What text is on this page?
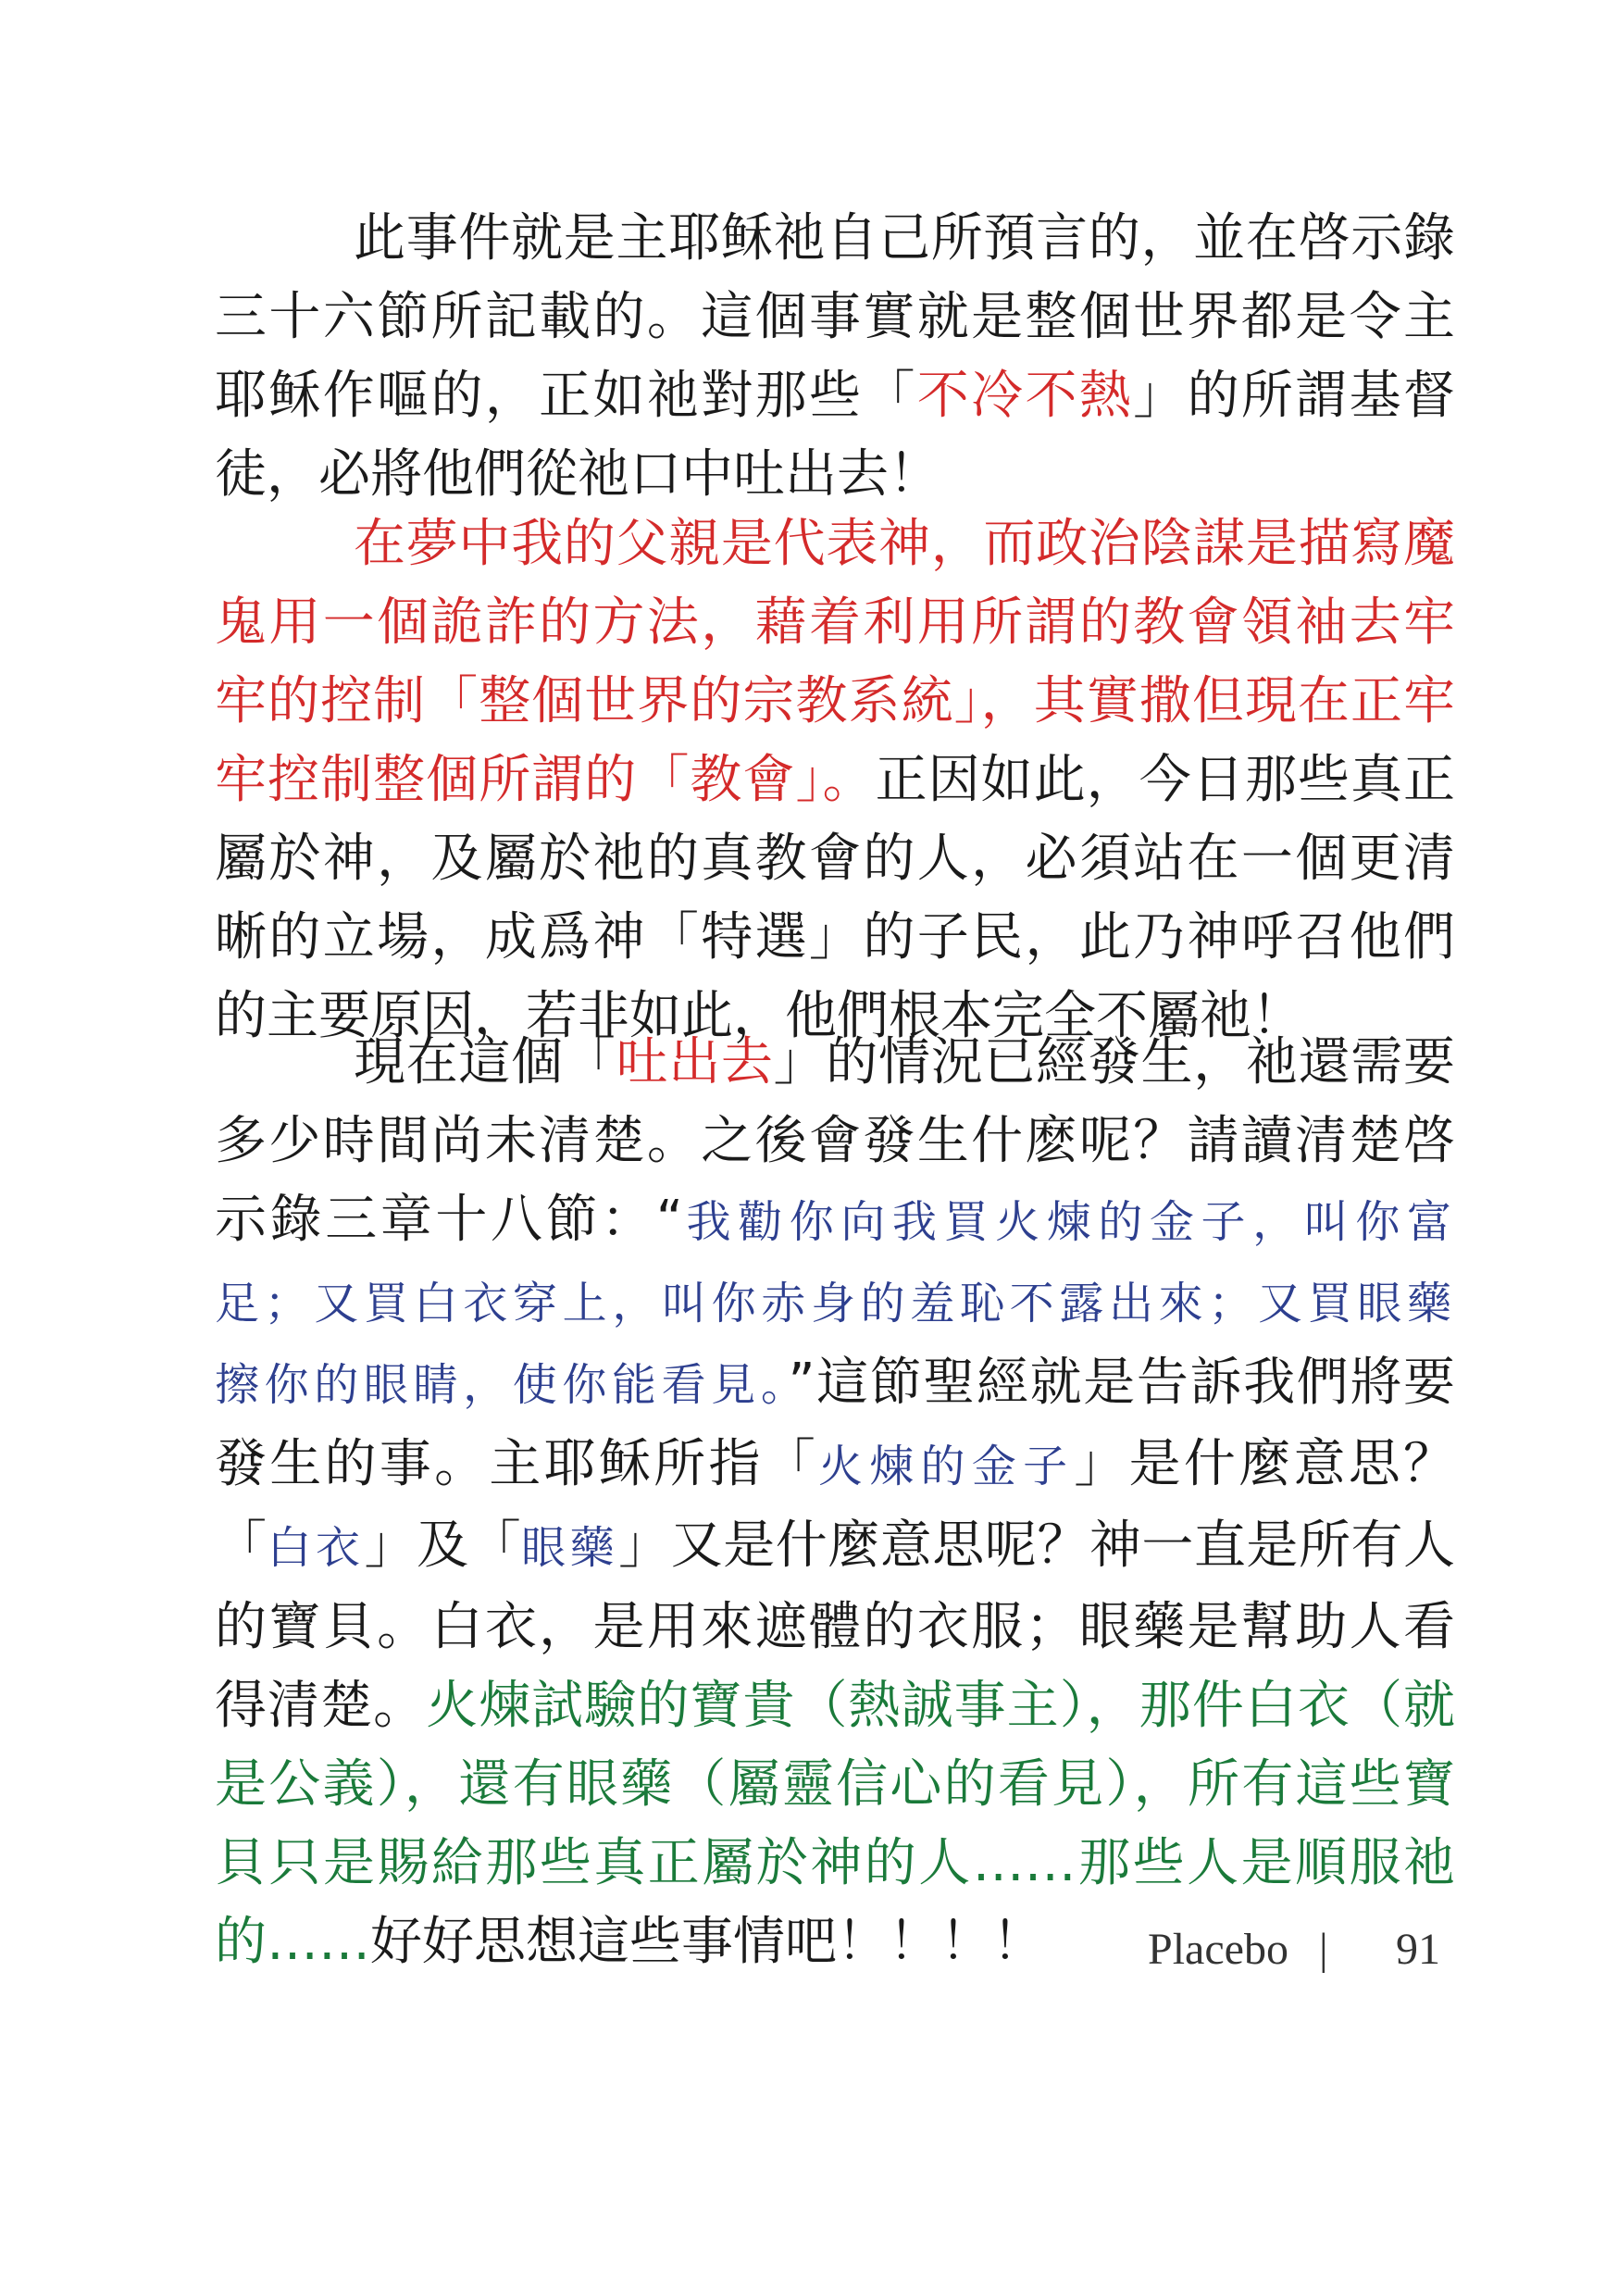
此事件就是主耶稣祂自己所預言的，並在啓示錄三十六節所記載的。這個事實就是整個世界都是令主耶稣作嘔的，正如祂對那些「不冷不熱」的所謂基督徒，必將他們從祂口中吐出去！

在夢中我的父親是代表神，而政治陰謀是描寫魔鬼用一個詭詐的方法，藉着利用所謂的教會領袖去牢牢的控制「整個世界的宗教系統」，其實撒但現在正牢牢控制整個所謂的「教會」。正因如此，今日那些真正屬於神，及屬於祂的真教會的人，必須站在一個更清晰的立場，成爲神「特選」的子民，此乃神呼召他們的主要原因，若非如此，他們根本完全不屬祂！

現在這個「吐出去」的情況已經發生，祂還需要多少時間尚未清楚。之後會發生什麽呢？請讀清楚啓示錄三章十八節：“我勸你向我買火煉的金子，叫你富足；又買白衣穿上，叫你赤身的羞恥不露出來；又買眼藥擦你的眼睛，使你能看見。”這節聖經就是告訴我們將要發生的事。主耶稣所指「火煉的金子」是什麼意思？「白衣」及「眼藥」又是什麼意思呢？神一直是所有人的寶貝。白衣，是用來遮體的衣服；眼藥是幫助人看得清楚。火煉試驗的寶貴（熱誠事主），那件白衣（就是公義），還有眼藥（屬靈信心的看見），所有這些寶貝只是賜給那些真正屬於神的人……那些人是順服祂的……好好思想這些事情吧！！！！	Placebo | 91
